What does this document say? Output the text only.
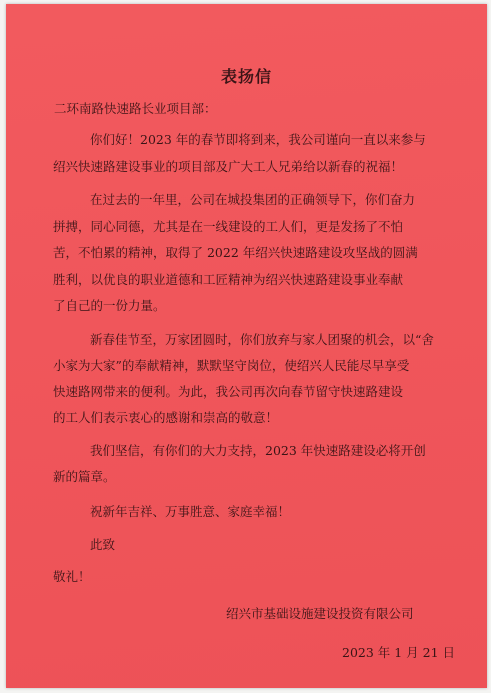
表扬信
二环南路快速路长业项目部：
你们好！2023 年的春节即将到来，我公司谨向一直以来参与
绍兴快速路建设事业的项目部及广大工人兄弟给以新春的祝福！
在过去的一年里，公司在城投集团的正确领导下，你们奋力
拼搏，同心同德，尤其是在一线建设的工人们，更是发扬了不怕
苦，不怕累的精神，取得了 2022 年绍兴快速路建设攻坚战的圆满
胜利，以优良的职业道德和工匠精神为绍兴快速路建设事业奉献
了自己的一份力量。
新春佳节至，万家团圆时，你们放弃与家人团聚的机会，以“舍
小家为大家”的奉献精神，默默坚守岗位，使绍兴人民能尽早享受
快速路网带来的便利。为此，我公司再次向春节留守快速路建设
的工人们表示衷心的感谢和崇高的敬意！
我们坚信，有你们的大力支持，2023 年快速路建设必将开创
新的篇章。
祝新年吉祥、万事胜意、家庭幸福！
此致
敬礼！
绍兴市基础设施建设投资有限公司
2023 年 1 月 21 日
